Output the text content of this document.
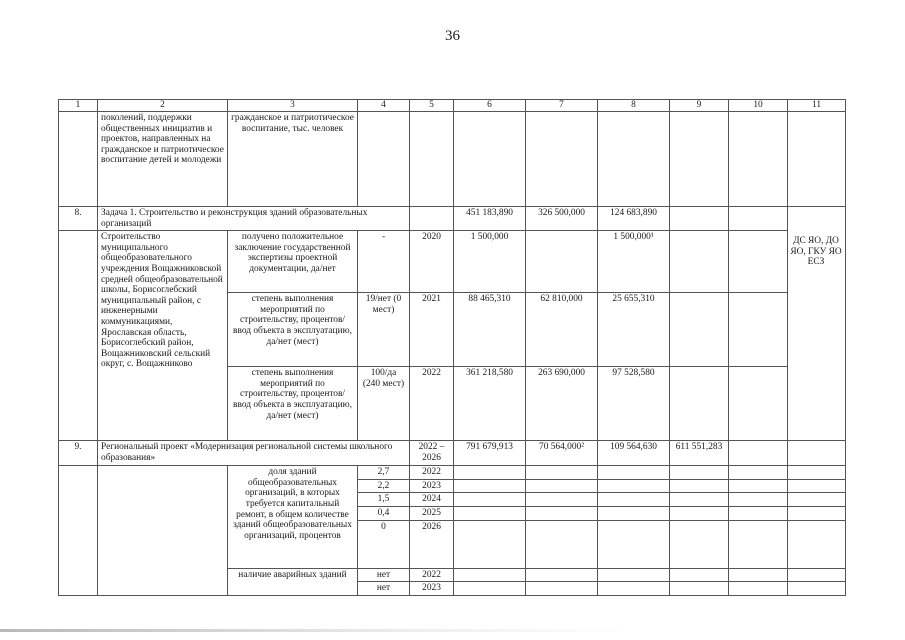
36
1	2	3	4	5	6	7	8	9	10	11
	поколений, поддержки общественных инициатив и проектов, направленных на гражданское и патриотическое воспитание детей и молодежи	гражданское и патриотическое воспитание, тыс. человек								
8.	Задача 1. Строительство и реконструкция зданий образовательных организаций				451 183,890	326 500,000	124 683,890			
	Строительство муниципального общеобразовательного учреждения Вощажниковской средней общеобразовательной школы, Борисоглебский муниципальный район, с инженерными коммуникациями, Ярославская область, Борисоглебский район, Вощажниковский сельский округ, с. Вощажниково	получено положительное заключение государственной экспертизы проектной документации, да/нет	-	2020	1 500,000		1 500,000¹			
		степень выполнения мероприятий по строительству, процентов/ ввод объекта в эксплуатацию, да/нет (мест)	19/нет (0 мест)	2021	88 465,310	62 810,000	25 655,310			
		степень выполнения мероприятий по строительству, процентов/ ввод объекта в эксплуатацию, да/нет (мест)	100/да (240 мест)	2022	361 218,580	263 690,000	97 528,580			
9.	Региональный проект «Модернизация региональной системы школьного образования»			2022 – 2026	791 679,913	70 564,000²	109 564,630	611 551,283		
		доля зданий общеобразовательных организаций, в которых требуется капитальный ремонт, в общем количестве зданий общеобразовательных организаций, процентов	2,7	2022						
			2,2	2023						
			1,5	2024						
			0,4	2025						
			0	2026						
		наличие аварийных зданий	нет	2022						
			нет	2023						
ДС ЯО, ДО ЯО, ГКУ ЯО ЕСЗ
